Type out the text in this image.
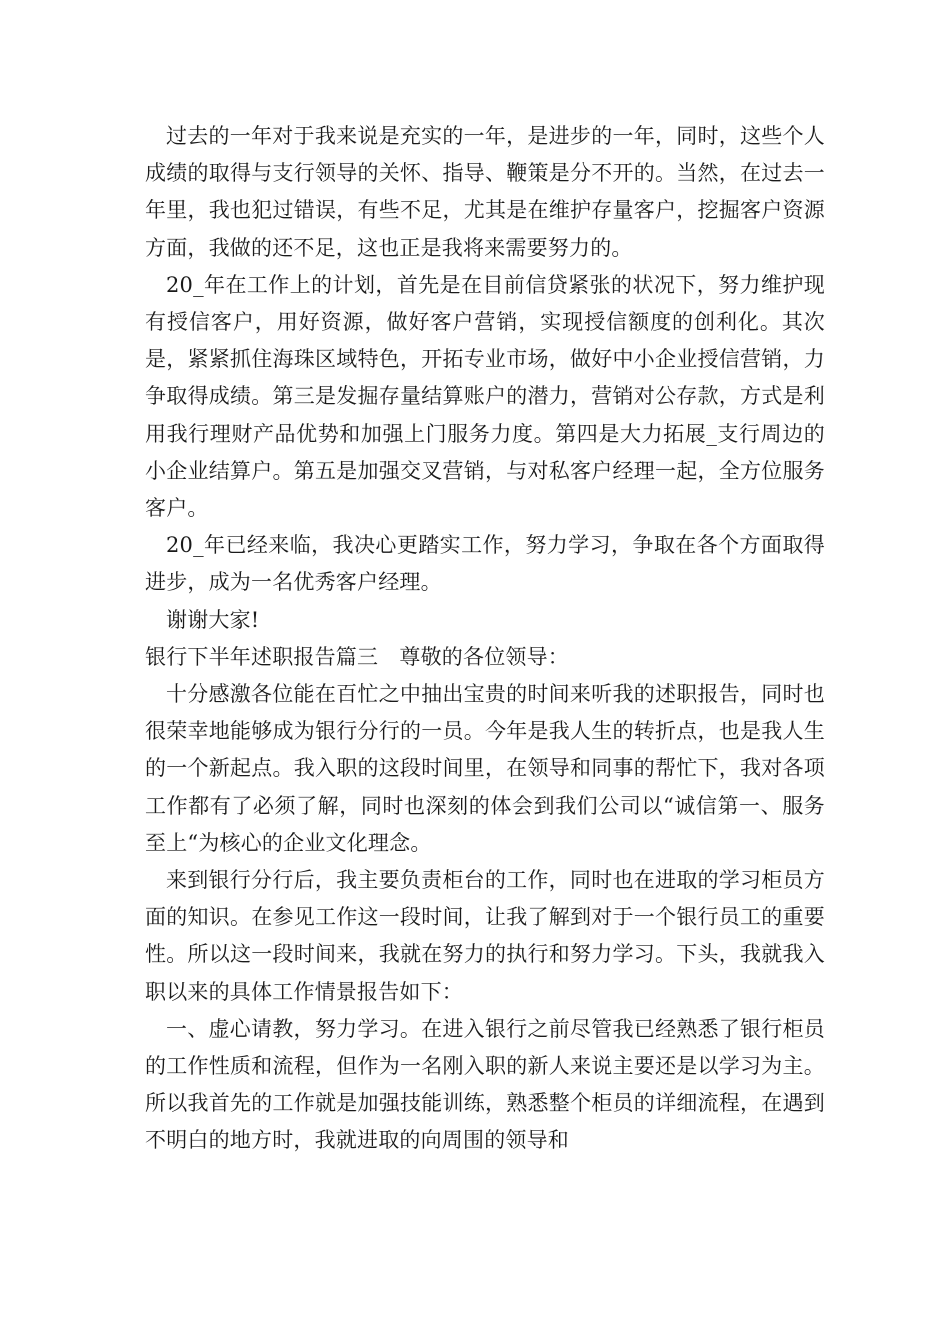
过去的一年对于我来说是充实的一年，是进步的一年，同时，这些个人成绩的取得与支行领导的关怀、指导、鞭策是分不开的。当然，在过去一年里，我也犯过错误，有些不足，尤其是在维护存量客户，挖掘客户资源方面，我做的还不足，这也正是我将来需要努力的。

20_年在工作上的计划，首先是在目前信贷紧张的状况下，努力维护现有授信客户，用好资源，做好客户营销，实现授信额度的创利化。其次是，紧紧抓住海珠区域特色，开拓专业市场，做好中小企业授信营销，力争取得成绩。第三是发掘存量结算账户的潜力，营销对公存款，方式是利用我行理财产品优势和加强上门服务力度。第四是大力拓展_支行周边的小企业结算户。第五是加强交叉营销，与对私客户经理一起，全方位服务客户。

20_年已经来临，我决心更踏实工作，努力学习，争取在各个方面取得进步，成为一名优秀客户经理。

谢谢大家!

银行下半年述职报告篇三　尊敬的各位领导：

十分感激各位能在百忙之中抽出宝贵的时间来听我的述职报告，同时也很荣幸地能够成为银行分行的一员。今年是我人生的转折点，也是我人生的一个新起点。我入职的这段时间里，在领导和同事的帮忙下，我对各项工作都有了必须了解，同时也深刻的体会到我们公司以“诚信第一、服务至上“为核心的企业文化理念。

来到银行分行后，我主要负责柜台的工作，同时也在进取的学习柜员方面的知识。在参见工作这一段时间，让我了解到对于一个银行员工的重要性。所以这一段时间来，我就在努力的执行和努力学习。下头，我就我入职以来的具体工作情景报告如下：

一、虚心请教，努力学习。在进入银行之前尽管我已经熟悉了银行柜员的工作性质和流程，但作为一名刚入职的新人来说主要还是以学习为主。所以我首先的工作就是加强技能训练，熟悉整个柜员的详细流程，在遇到不明白的地方时，我就进取的向周围的领导和
